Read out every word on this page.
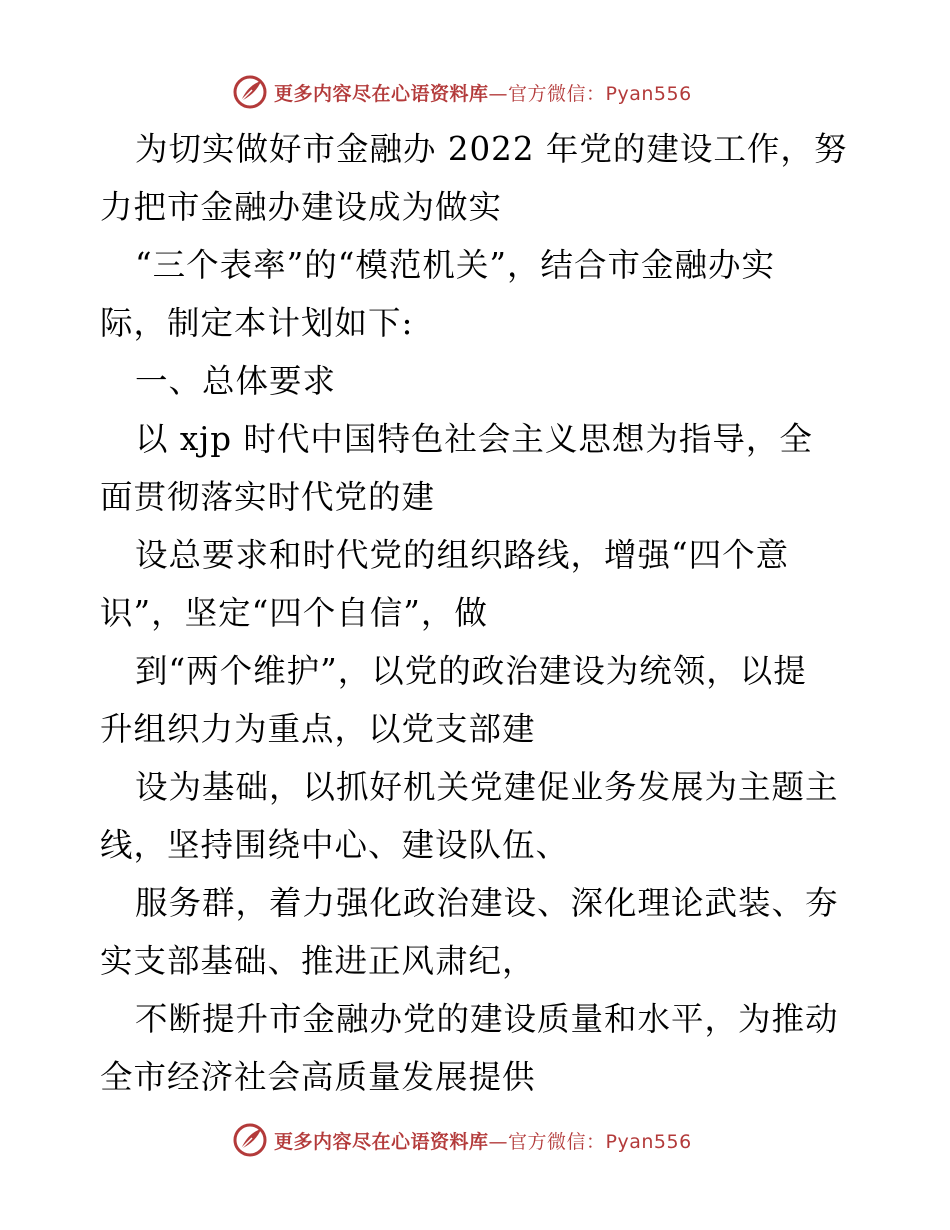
更多内容尽在心语资料库—官方微信：Pyan556
为切实做好市金融办 2022 年党的建设工作，努
力把市金融办建设成为做实
“三个表率”的“模范机关”，结合市金融办实
际，制定本计划如下:
一、总体要求
以 xjp 时代中国特色社会主义思想为指导，全
面贯彻落实时代党的建
设总要求和时代党的组织路线，增强“四个意
识”，坚定“四个自信”，做
到“两个维护”，以党的政治建设为统领，以提
升组织力为重点，以党支部建
设为基础，以抓好机关党建促业务发展为主题主
线，坚持围绕中心、建设队伍、
服务群，着力强化政治建设、深化理论武装、夯
实支部基础、推进正风肃纪，
不断提升市金融办党的建设质量和水平，为推动
全市经济社会高质量发展提供
更多内容尽在心语资料库—官方微信：Pyan556
